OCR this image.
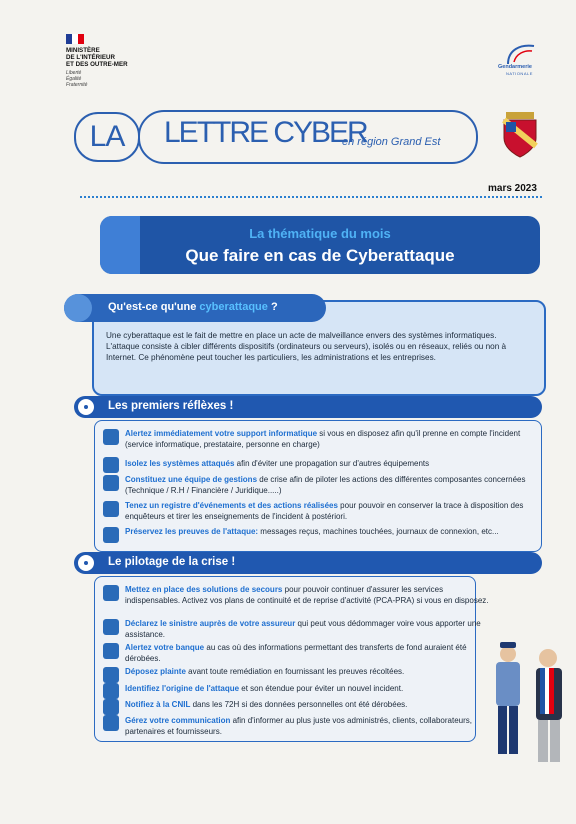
MINISTÈRE
DE L'INTÉRIEUR
ET DES OUTRE-MER
Liberté
Égalité
Fraternité
Gendarmerie
NATIONALE
LA	LETTRE CYBER
en région Grand Est
mars 2023
La thématique du mois
Que faire en cas de Cyberattaque
Qu'est-ce qu'une cyberattaque ?
Une cyberattaque est le fait de mettre en place un acte de malveillance envers des systèmes informatiques. L'attaque consiste à cibler différents dispositifs (ordinateurs ou serveurs), isolés ou en réseaux, reliés ou non à Internet. Ce phénomène peut toucher les particuliers, les administrations et les entreprises.
Les premiers réflèxes !
Alertez immédiatement votre support informatique si vous en disposez afin qu'il prenne en compte l'incident (service informatique, prestataire, personne en charge)
Isolez les systèmes attaqués afin d'éviter une propagation sur d'autres équipements
Constituez une équipe de gestions de crise afin de piloter les actions des différentes composantes concernées (Technique / R.H / Financière / Juridique.....)
Tenez un registre d'événements et des actions réalisées pour pouvoir en conserver la trace à disposition des enquêteurs et tirer les enseignements de l'incident à postériori.
Préservez les preuves de l'attaque: messages reçus, machines touchées, journaux de connexion, etc...
Le pilotage de la crise !
Mettez en place des solutions de secours pour pouvoir continuer d'assurer les services indispensables. Activez vos plans de continuité et de reprise d'activité (PCA-PRA) si vous en disposez.
Déclarez le sinistre auprès de votre assureur qui peut vous dédommager voire vous apporter une assistance.
Alertez votre banque au cas où des informations permettant des transferts de fond auraient été dérobées.
Déposez plainte avant toute remédiation en fournissant les preuves récoltées.
Identifiez l'origine de l'attaque et son étendue pour éviter un nouvel incident.
Notifiez à la CNIL dans les 72H si des données personnelles ont été dérobées.
Gérez votre communication afin d'informer au plus juste vos administrés, clients, collaborateurs, partenaires et fournisseurs.
